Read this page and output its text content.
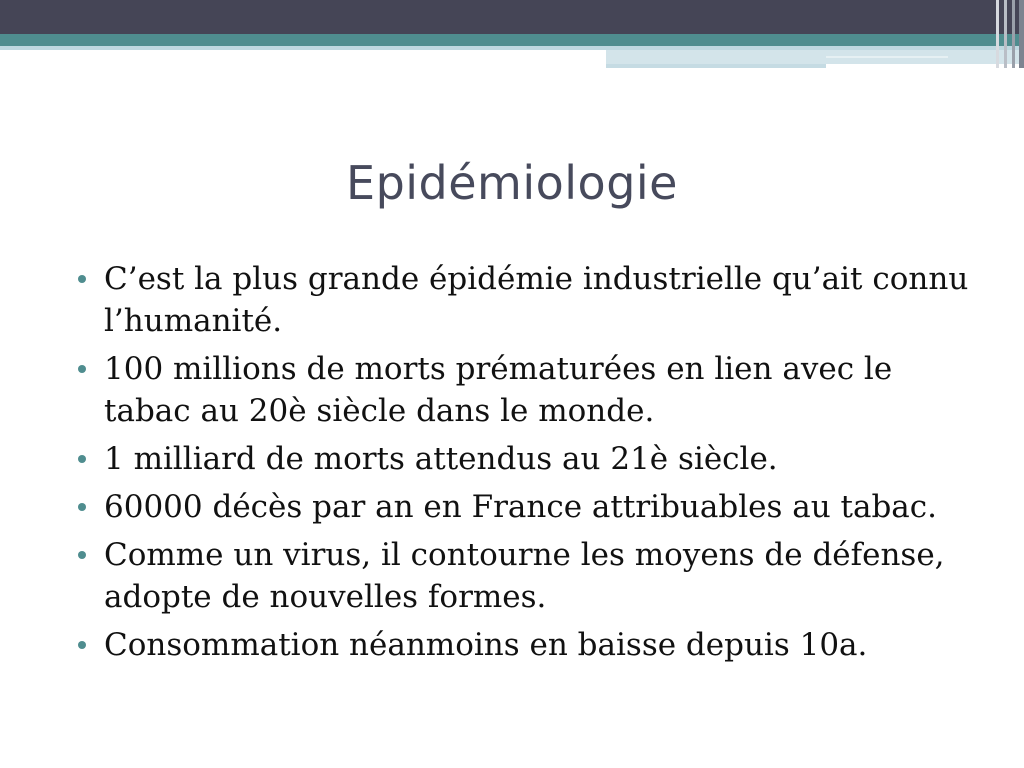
Epidémiologie
C’est la plus grande épidémie industrielle qu’ait connu l’humanité.
100 millions de morts prématurées en lien avec le tabac au 20è siècle dans le monde.
1 milliard de morts attendus au 21è siècle.
60000 décès par an en France attribuables au tabac.
Comme un virus, il contourne les moyens de défense, adopte de nouvelles formes.
Consommation néanmoins en baisse depuis 10a.
